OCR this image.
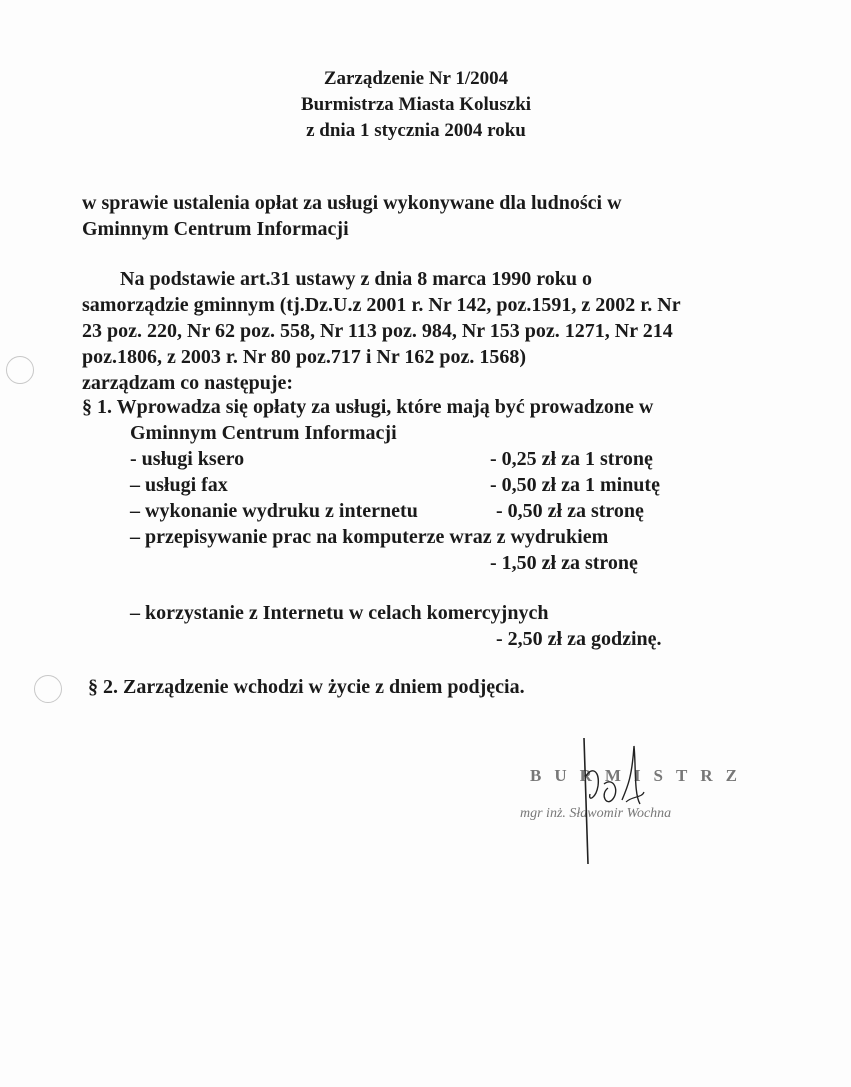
Zarządzenie Nr 1/2004
Burmistrza Miasta Koluszki
z dnia 1 stycznia 2004 roku
w sprawie ustalenia opłat za usługi wykonywane dla ludności w
Gminnym Centrum Informacji
Na podstawie art.31 ustawy z dnia 8 marca 1990 roku o
samorządzie gminnym (tj.Dz.U.z 2001 r. Nr 142, poz.1591, z 2002 r. Nr
23 poz. 220, Nr 62 poz. 558, Nr 113 poz. 984, Nr 153 poz. 1271, Nr 214
poz.1806, z 2003 r. Nr 80 poz.717 i Nr 162 poz. 1568)
zarządzam co następuje:
§ 1. Wprowadza się opłaty za usługi, które mają być prowadzone w
Gminnym Centrum Informacji
- usługi ksero	- 0,25 zł za 1 stronę
– usługi fax	- 0,50 zł za 1 minutę
– wykonanie wydruku z internetu	- 0,50 zł za stronę
– przepisywanie prac na komputerze wraz z wydrukiem
- 1,50 zł za stronę
– korzystanie z Internetu w celach komercyjnych
- 2,50 zł za godzinę.
§ 2. Zarządzenie wchodzi w życie z dniem podjęcia.
BURMISTRZ
mgr inż. Sławomir Wochna
